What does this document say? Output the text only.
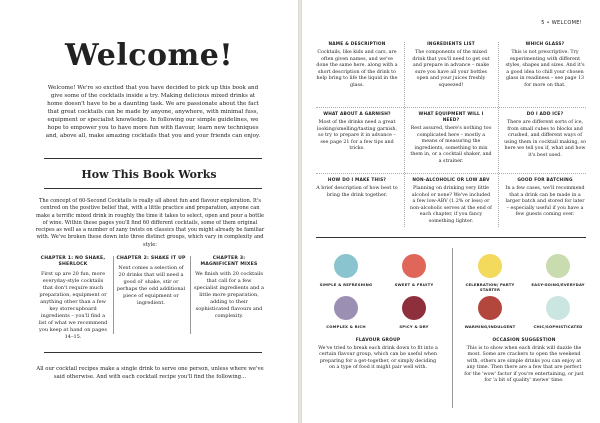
Welcome!
Welcome! We're so excited that you have decided to pick up this book and give some of the cocktails inside a try. Making delicious mixed drinks at home doesn't have to be a daunting task. We are passionate about the fact that great cocktails can be made by anyone, anywhere, with minimal fuss, equipment or specialist knowledge. In following our simple guidelines, we hope to empower you to have more fun with flavour, learn new techniques and, above all, make amazing cocktails that you and your friends can enjoy.
How This Book Works
The concept of 60-Second Cocktails is really all about fun and flavour exploration. It's centred on the positive belief that, with a little practice and preparation, anyone can make a terrific mixed drink in roughly the time it takes to select, open and pour a bottle of wine. Within these pages you'll find 60 different cocktails, some of them original recipes as well as a number of zany twists on classics that you might already be familiar with. We've broken these down into three distinct groups, which vary in complexity and style:
CHAPTER 1: NO SHAKE, SHERLOCK
First up are 20 fun, more everyday-style cocktails that don't require much preparation, equipment or anything other than a few key storecupboard ingredients – you'll find a list of what we recommend you keep at hand on pages 14–15.
CHAPTER 2: SHAKE IT UP
Next comes a selection of 20 drinks that will need a good ol' shake, stir or perhaps the odd additional piece of equipment or ingredient.
CHAPTER 3: MAGNIFICENT MIXES
We finish with 20 cocktails that call for a few specialist ingredients and a little more preparation, adding to their sophisticated flavours and complexity.
All our cocktail recipes make a single drink to serve one person, unless where we've said otherwise. And with each cocktail recipe you'll find the following...
5 • WELCOME!
NAME & DESCRIPTION
Cocktails, like kids and cars, are often given names, and we've done the same here, along with a short description of the drink to help bring to life the liquid in the glass.
INGREDIENTS LIST
The components of the mixed drink that you'll need to get out and prepare in advance – make sure you have all your bottles open and your juices freshly squeezed!
WHICH GLASS?
This is not prescriptive. Try experimenting with different styles, shapes and sizes. And it's a good idea to chill your chosen glass in readiness – see page 13 for more on that.
WHAT ABOUT A GARNISH?
Most of the drinks need a great looking/smelling/tasting garnish, so try to prepare it in advance – see page 21 for a few tips and tricks.
WHAT EQUIPMENT WILL I NEED?
Rest assured, there's nothing too complicated here – mostly a means of measuring the ingredients, something to mix them in, or a cocktail shaker, and a strainer.
DO I ADD ICE?
There are different sorts of ice, from small cubes to blocks and crushed, and different ways of using them in cocktail making, so here we tell you if, what and how it's best used.
HOW DO I MAKE THIS?
A brief description of how best to bring the drink together.
NON-ALCOHOLIC OR LOW ABV
Planning on drinking very little alcohol or none? We've included a few low-ABV (1.2% or less) or non-alcoholic serves at the end of each chapter, if you fancy something lighter.
GOOD FOR BATCHING
In a few cases, we'll recommend that a drink can be made in a larger batch and stored for later – especially useful if you have a few guests coming over.
SIMPLE & REFRESHING	SWEET & FRUITY
COMPLEX & RICH	SPICY & DRY
CELEBRATION/ PARTY STARTER
EASY-GOING/EVERYDAY
WARMING/INDULGENT	CHIC/SOPHISTICATED
FLAVOUR GROUP
We've tried to break each drink down to fit into a certain flavour group, which can be useful when preparing for a get-together, or simply deciding on a type of food it might pair well with.
OCCASION SUGGESTION
This is to show when each drink will dazzle the most. Some are crackers to open the weekend with, others are simple drinks you can enjoy at any time. Then there are a few that are perfect for the 'wow' factor if you're entertaining, or just for 'a bit of quality' me/we' time.
